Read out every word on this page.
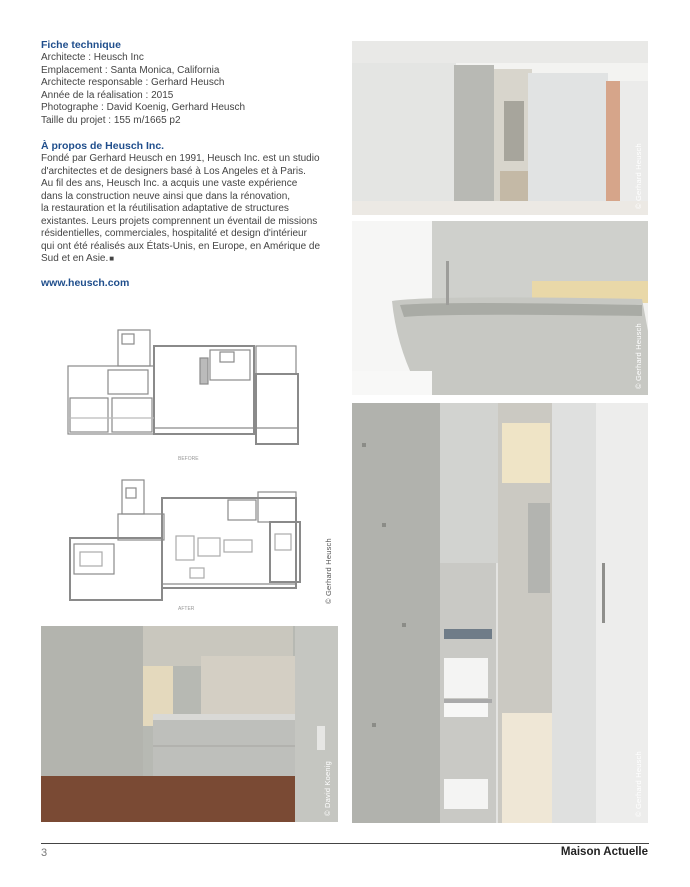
Fiche technique
Architecte : Heusch Inc
Emplacement : Santa Monica, California
Architecte responsable : Gerhard Heusch
Année de la réalisation : 2015
Photographe : David Koenig, Gerhard Heusch
Taille du projet : 155 m/1665 p2
À propos de Heusch Inc.
Fondé par Gerhard Heusch en 1991, Heusch Inc. est un studio
d'architectes et de designers basé à Los Angeles et à Paris.
Au fil des ans, Heusch Inc. a acquis une vaste expérience
dans la construction neuve ainsi que dans la rénovation,
la restauration et la réutilisation adaptative de structures
existantes. Leurs projets comprennent un éventail de missions
résidentielles, commerciales, hospitalité et design d'intérieur
qui ont été réalisés aux États-Unis, en Europe, en Amérique de
Sud et en Asie.■
www.heusch.com
BEFORE
AFTER
© Gerhard Heusch
© Gerhard Heusch
© Gerhard Heusch
© Gerhard Heusch
© David Koenig
3	Maison Actuelle
